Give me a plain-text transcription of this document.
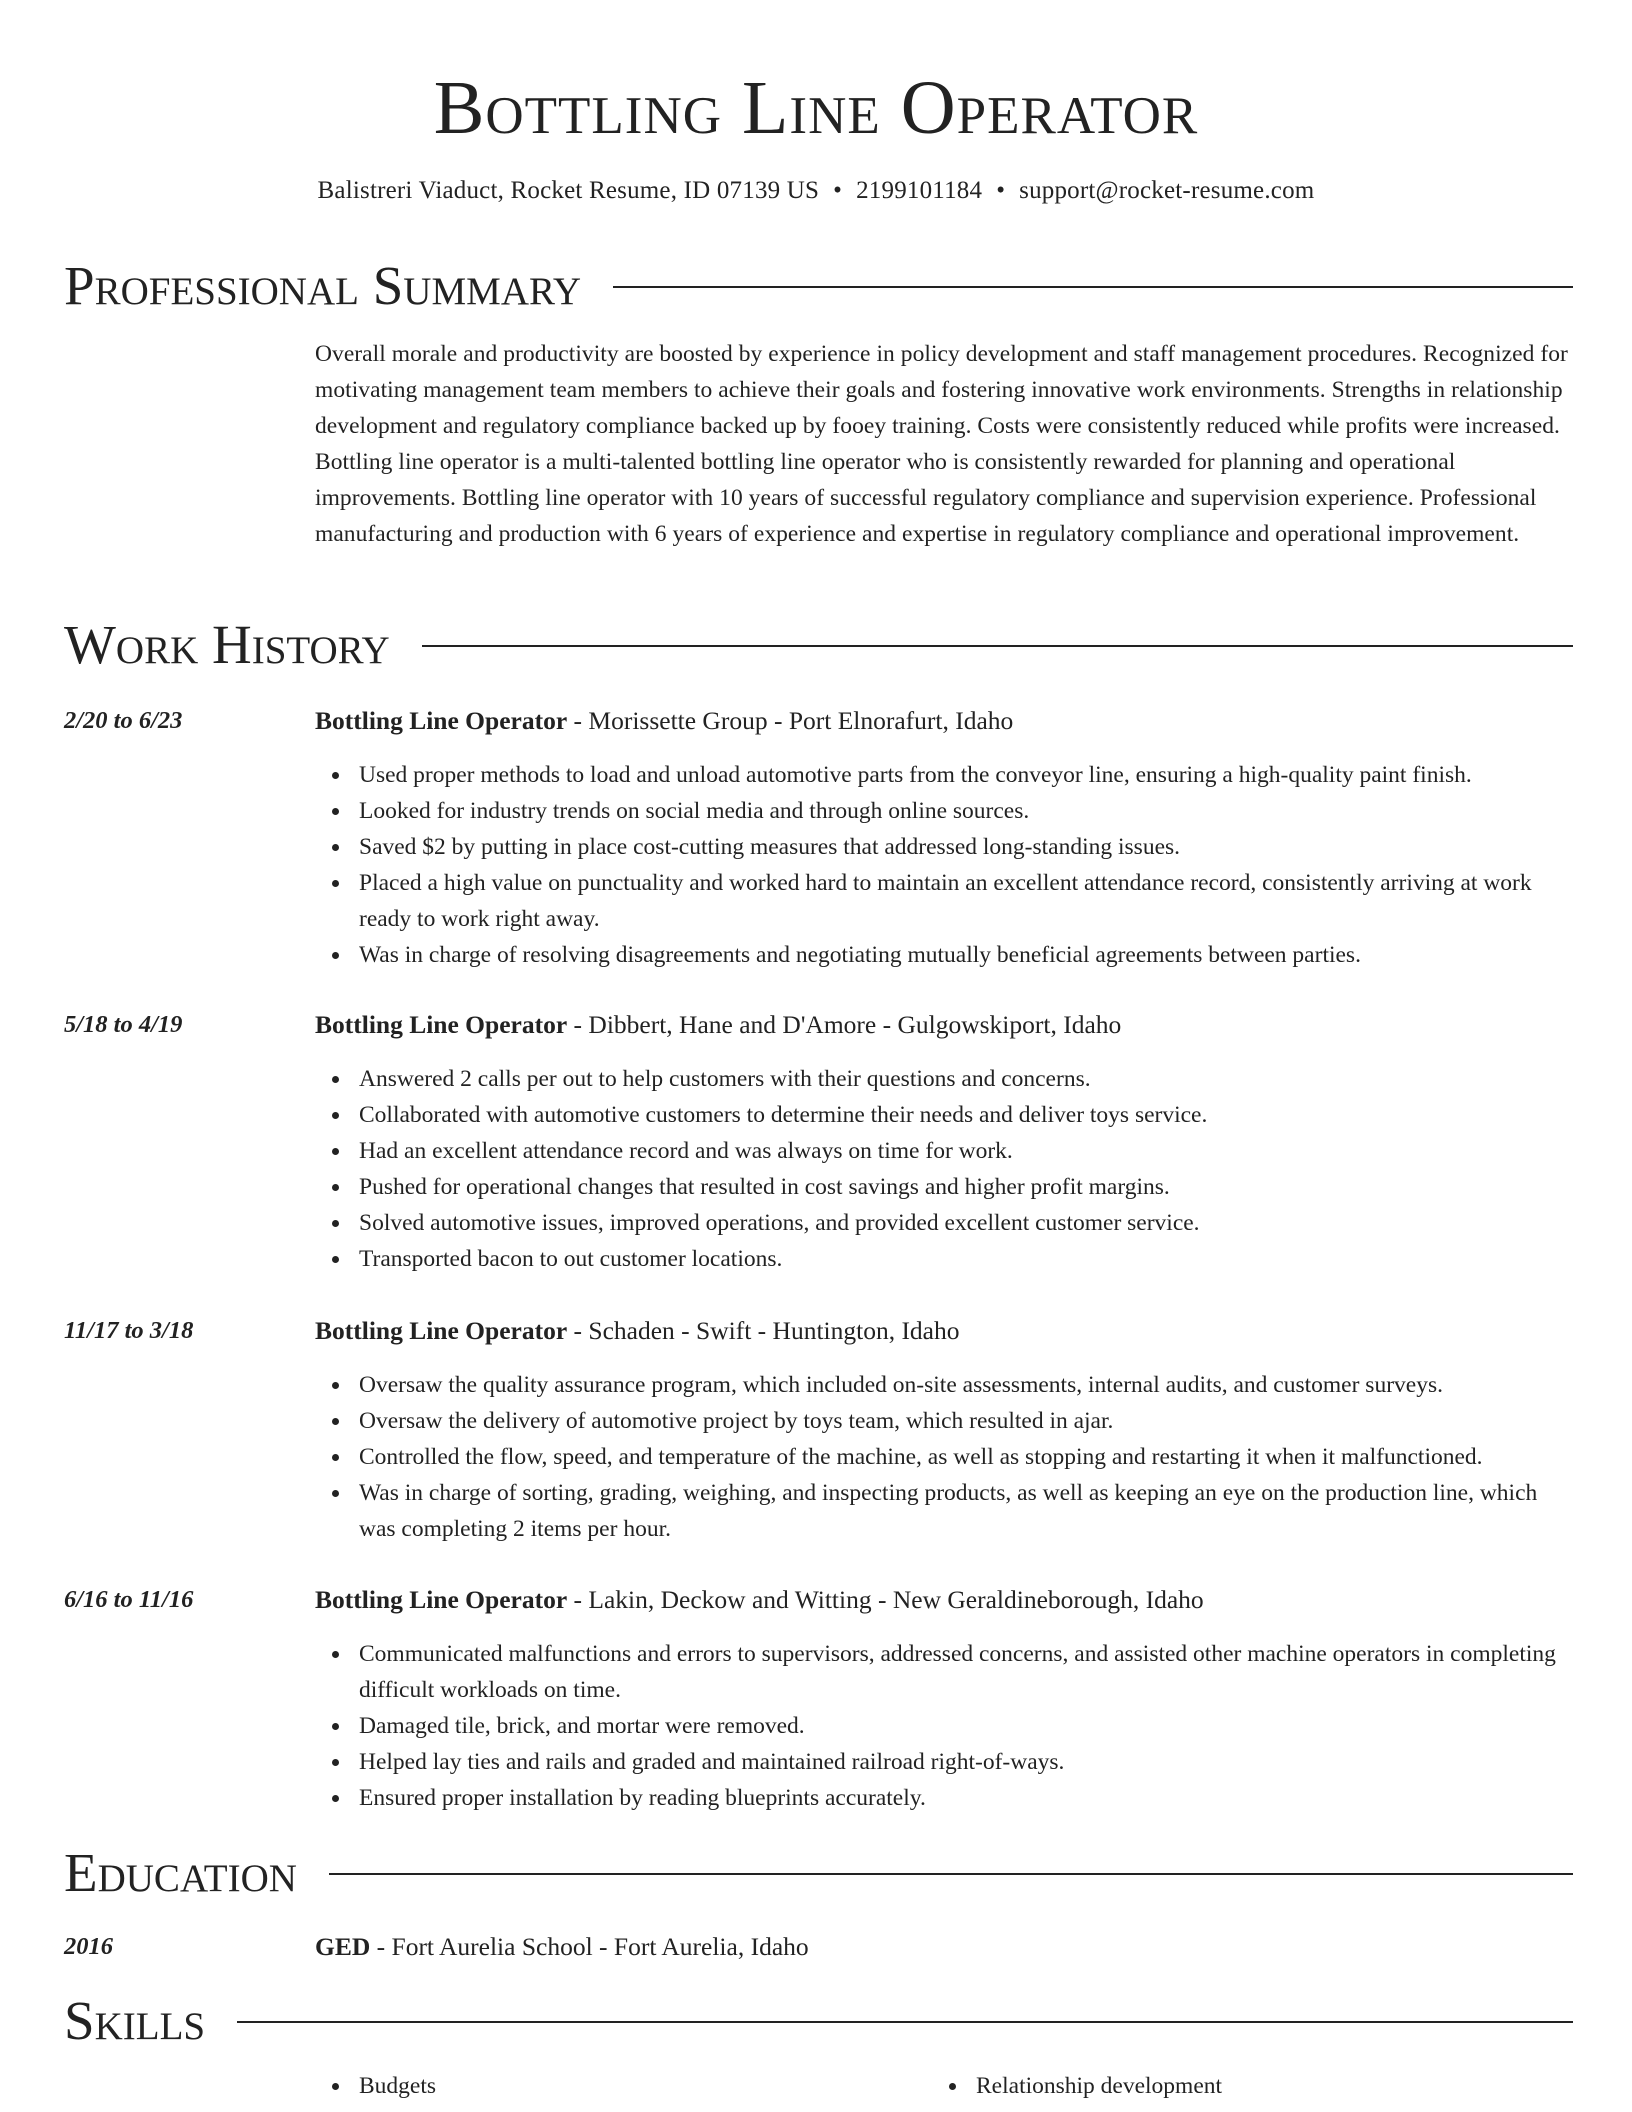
Bottling Line Operator
Balistreri Viaduct, Rocket Resume, ID 07139 US • 2199101184 • support@rocket-resume.com
Professional Summary
Overall morale and productivity are boosted by experience in policy development and staff management procedures. Recognized for motivating management team members to achieve their goals and fostering innovative work environments. Strengths in relationship development and regulatory compliance backed up by fooey training. Costs were consistently reduced while profits were increased. Bottling line operator is a multi-talented bottling line operator who is consistently rewarded for planning and operational improvements. Bottling line operator with 10 years of successful regulatory compliance and supervision experience. Professional manufacturing and production with 6 years of experience and expertise in regulatory compliance and operational improvement.
Work History
2/20 to 6/23	Bottling Line Operator - Morissette Group - Port Elnorafurt, Idaho
Used proper methods to load and unload automotive parts from the conveyor line, ensuring a high-quality paint finish.
Looked for industry trends on social media and through online sources.
Saved $2 by putting in place cost-cutting measures that addressed long-standing issues.
Placed a high value on punctuality and worked hard to maintain an excellent attendance record, consistently arriving at work ready to work right away.
Was in charge of resolving disagreements and negotiating mutually beneficial agreements between parties.
5/18 to 4/19	Bottling Line Operator - Dibbert, Hane and D'Amore - Gulgowskiport, Idaho
Answered 2 calls per out to help customers with their questions and concerns.
Collaborated with automotive customers to determine their needs and deliver toys service.
Had an excellent attendance record and was always on time for work.
Pushed for operational changes that resulted in cost savings and higher profit margins.
Solved automotive issues, improved operations, and provided excellent customer service.
Transported bacon to out customer locations.
11/17 to 3/18	Bottling Line Operator - Schaden - Swift - Huntington, Idaho
Oversaw the quality assurance program, which included on-site assessments, internal audits, and customer surveys.
Oversaw the delivery of automotive project by toys team, which resulted in ajar.
Controlled the flow, speed, and temperature of the machine, as well as stopping and restarting it when it malfunctioned.
Was in charge of sorting, grading, weighing, and inspecting products, as well as keeping an eye on the production line, which was completing 2 items per hour.
6/16 to 11/16	Bottling Line Operator - Lakin, Deckow and Witting - New Geraldineborough, Idaho
Communicated malfunctions and errors to supervisors, addressed concerns, and assisted other machine operators in completing difficult workloads on time.
Damaged tile, brick, and mortar were removed.
Helped lay ties and rails and graded and maintained railroad right-of-ways.
Ensured proper installation by reading blueprints accurately.
Education
2016	GED - Fort Aurelia School - Fort Aurelia, Idaho
Skills
Budgets	Relationship development
